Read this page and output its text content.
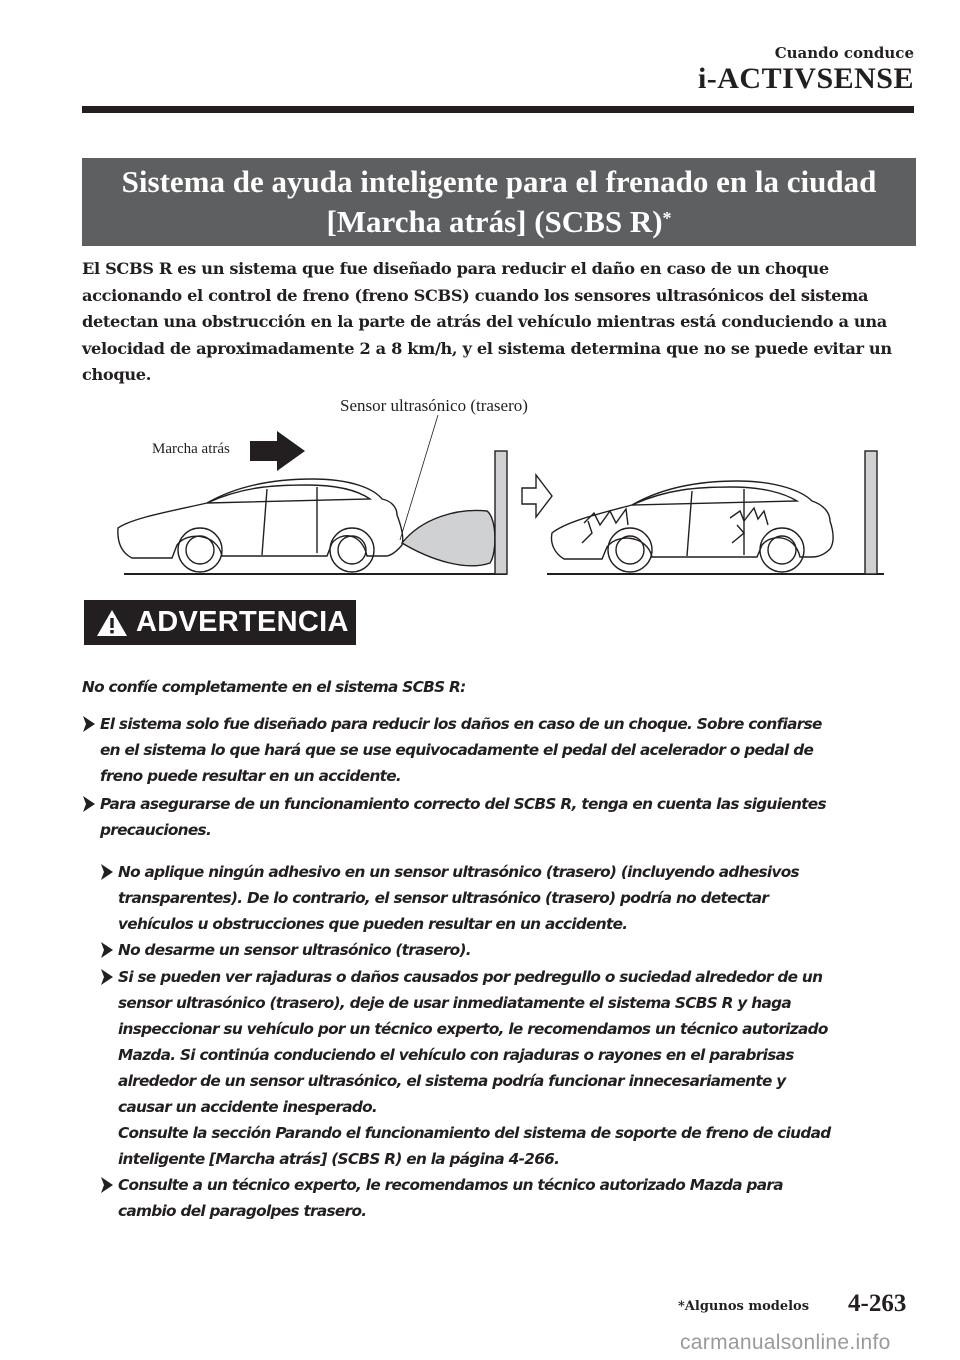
Cuando conduce
i-ACTIVSENSE
Sistema de ayuda inteligente para el frenado en la ciudad
[Marcha atrás] (SCBS R)*
El SCBS R es un sistema que fue diseñado para reducir el daño en caso de un choque
accionando el control de freno (freno SCBS) cuando los sensores ultrasónicos del sistema
detectan una obstrucción en la parte de atrás del vehículo mientras está conduciendo a una
velocidad de aproximadamente 2 a 8 km/h, y el sistema determina que no se puede evitar un
choque.
Sensor ultrasónico (trasero)
Marcha atrás
ADVERTENCIA
No confíe completamente en el sistema SCBS R:
El sistema solo fue diseñado para reducir los daños en caso de un choque. Sobre confiarse
en el sistema lo que hará que se use equivocadamente el pedal del acelerador o pedal de
freno puede resultar en un accidente.
Para asegurarse de un funcionamiento correcto del SCBS R, tenga en cuenta las siguientes
precauciones.
No aplique ningún adhesivo en un sensor ultrasónico (trasero) (incluyendo adhesivos
transparentes). De lo contrario, el sensor ultrasónico (trasero) podría no detectar
vehículos u obstrucciones que pueden resultar en un accidente.
No desarme un sensor ultrasónico (trasero).
Si se pueden ver rajaduras o daños causados por pedregullo o suciedad alrededor de un
sensor ultrasónico (trasero), deje de usar inmediatamente el sistema SCBS R y haga
inspeccionar su vehículo por un técnico experto, le recomendamos un técnico autorizado
Mazda. Si continúa conduciendo el vehículo con rajaduras o rayones en el parabrisas
alrededor de un sensor ultrasónico, el sistema podría funcionar innecesariamente y
causar un accidente inesperado.
Consulte la sección Parando el funcionamiento del sistema de soporte de freno de ciudad
inteligente [Marcha atrás] (SCBS R) en la página 4-266.
Consulte a un técnico experto, le recomendamos un técnico autorizado Mazda para
cambio del paragolpes trasero.
*Algunos modelos 4-263
carmanualsonline.info
